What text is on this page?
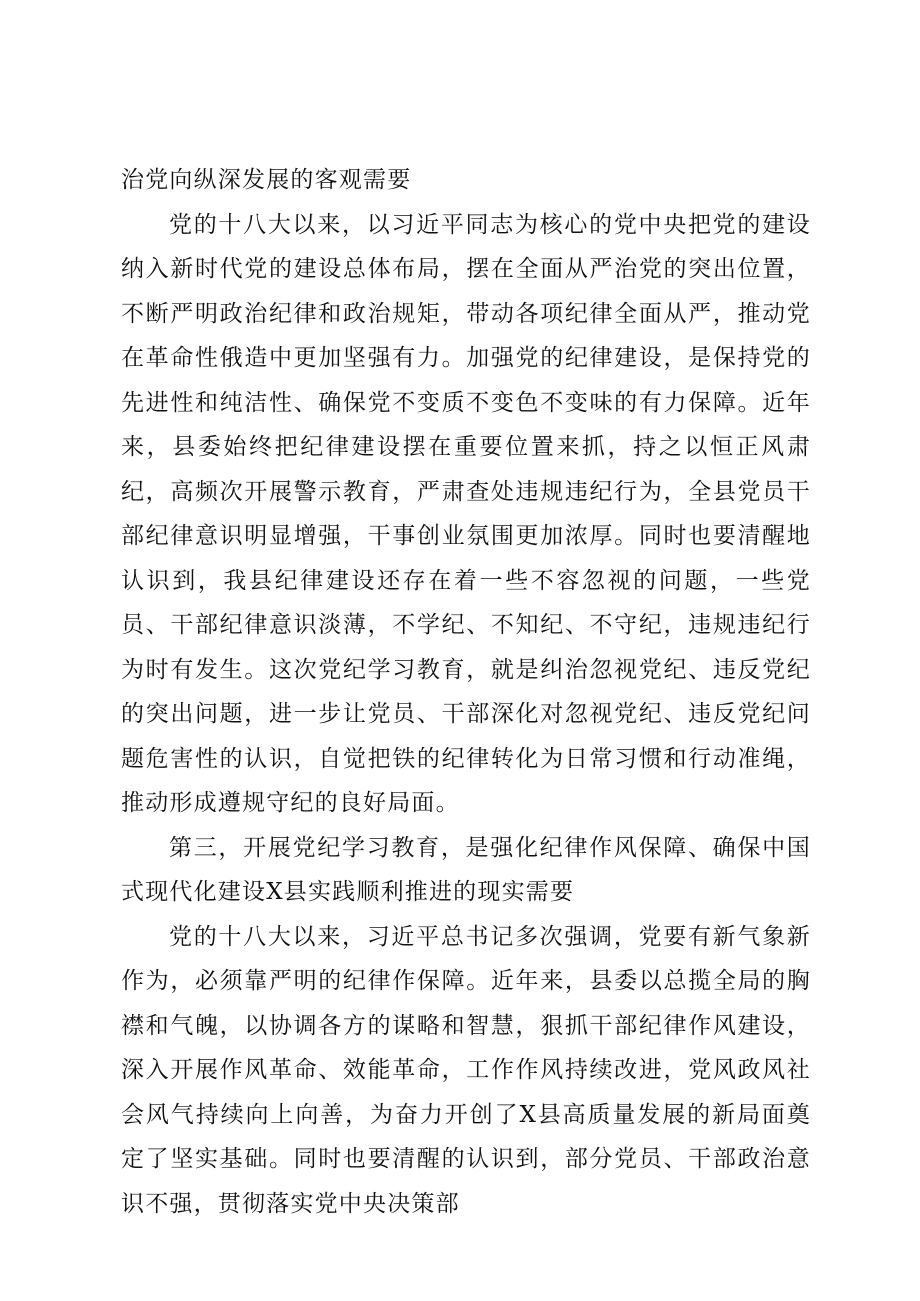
治党向纵深发展的客观需要

党的十八大以来，以习近平同志为核心的党中央把党的建设纳入新时代党的建设总体布局，摆在全面从严治党的突出位置，不断严明政治纪律和政治规矩，带动各项纪律全面从严，推动党在革命性俄造中更加坚强有力。加强党的纪律建设，是保持党的先进性和纯洁性、确保党不变质不变色不变味的有力保障。近年来，县委始终把纪律建设摆在重要位置来抓，持之以恒正风肃纪，高频次开展警示教育，严肃查处违规违纪行为，全县党员干部纪律意识明显增强，干事创业氛围更加浓厚。同时也要清醒地认识到，我县纪律建设还存在着一些不容忽视的问题，一些党员、干部纪律意识淡薄，不学纪、不知纪、不守纪，违规违纪行为时有发生。这次党纪学习教育，就是纠治忽视党纪、违反党纪的突出问题，进一步让党员、干部深化对忽视党纪、违反党纪问题危害性的认识，自觉把铁的纪律转化为日常习惯和行动准绳，推动形成遵规守纪的良好局面。

第三，开展党纪学习教育，是强化纪律作风保障、确保中国式现代化建设X县实践顺利推进的现实需要

党的十八大以来，习近平总书记多次强调，党要有新气象新作为，必须靠严明的纪律作保障。近年来，县委以总揽全局的胸襟和气魄，以协调各方的谋略和智慧，狠抓干部纪律作风建设，深入开展作风革命、效能革命，工作作风持续改进，党风政风社会风气持续向上向善，为奋力开创了X县高质量发展的新局面奠定了坚实基础。同时也要清醒的认识到，部分党员、干部政治意识不强，贯彻落实党中央决策部
